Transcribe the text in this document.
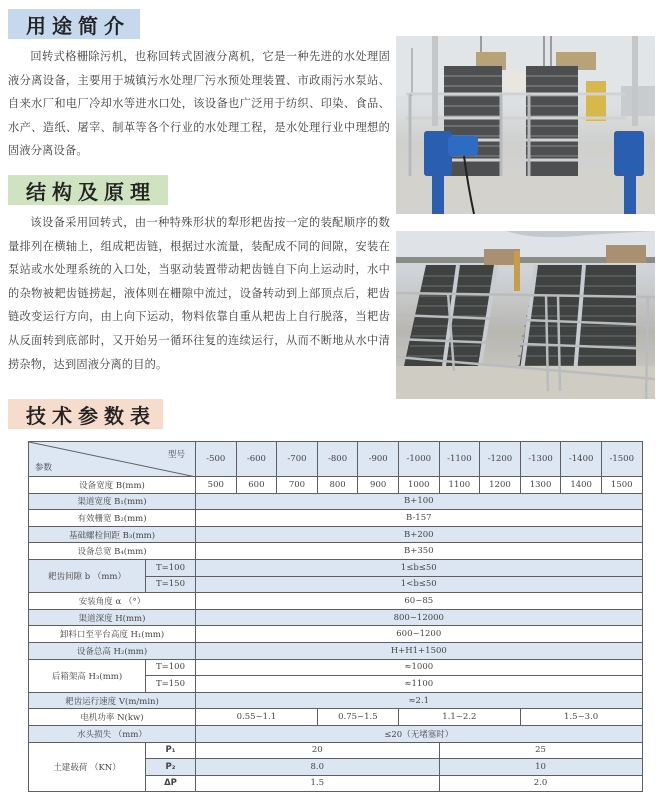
用途简介

回转式格栅除污机，也称回转式固液分离机，它是一种先进的水处理固液分离设备，主要用于城镇污水处理厂污水预处理装置、市政雨污水泵站、自来水厂和电厂冷却水等进水口处，该设备也广泛用于纺织、印染、食品、水产、造纸、屠宰、制革等各个行业的水处理工程，是水处理行业中理想的固液分离设备。

结构及原理

该设备采用回转式，由一种特殊形状的犁形耙齿按一定的装配顺序的数量排列在横轴上，组成耙齿链，根据过水流量，装配成不同的间隙，安装在泵站或水处理系统的入口处，当驱动装置带动耙齿链自下向上运动时，水中的杂物被耙齿链捞起，液体则在栅隙中流过，设备转动到上部顶点后，耙齿链改变运行方向，由上向下运动，物料依靠自重从耙齿上自行脱落，当耙齿从反面转到底部时，又开始另一循环往复的连续运行，从而不断地从水中清捞杂物，达到固液分离的目的。

技术参数表
型号
参数		-500	-600	-700	-800	-900	-1000	-1100	-1200	-1300	-1400	-1500
设备宽度 B(mm)		500	600	700	800	900	1000	1100	1200	1300	1400	1500
渠道宽度 B₁(mm)		B+100										
有效栅宽 B₂(mm)		B-157										
基础螺栓间距 B₃(mm)		B+200										
设备总宽 B₄(mm)		B+350										
耙齿间隙 b （mm）	T=100	1≤b≤50										
	T=150	1<b≤50										
安装角度 α （°）		60~85										
渠道深度 H(mm)		800~12000										
卸料口至平台高度 H₁(mm)		600~1200										
设备总高 H₂(mm)		H+H1+1500										
后箱架高 H₃(mm)	T=100	≈1000										
	T=150	≈1100										
耙齿运行速度 V(m/min)		≈2.1										
电机功率 N(kw)		0.55~1.1			0.75~1.5		1.1~2.2			1.5~3.0		
水头损失 （mm）		≤20（无堵塞时）										
土建载荷 （KN）	P₁	20						25				
	P₂	8.0						10				
	ΔP	1.5						2.0				
